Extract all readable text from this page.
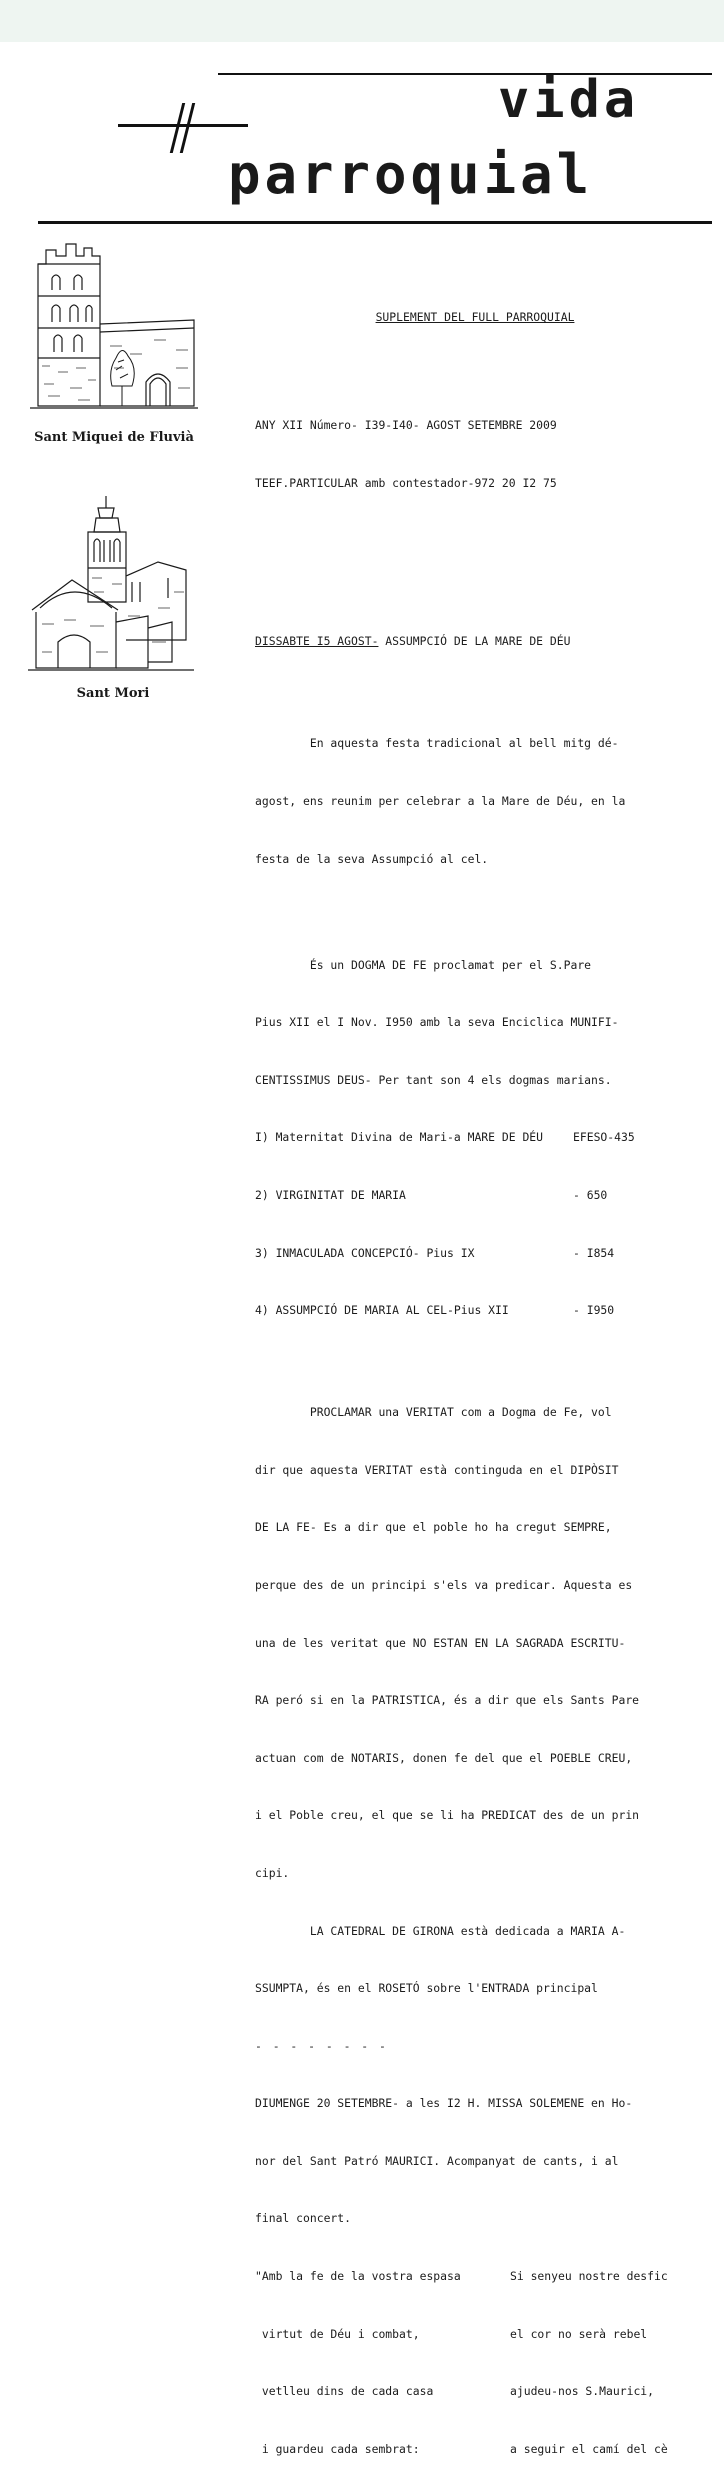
vida
parroquial
Sant Miquei de Fluvià
Sant Mori

SUPLEMENT DEL FULL PARROQUIAL

ANY XII Número- I39-I40- AGOST SETEMBRE 2009

TEEF.PARTICULAR amb contestador-972 20 I2 75

DISSABTE I5 AGOST- ASSUMPCIÓ DE LA MARE DE DÉU

En aquesta festa tradicional al bell mitg dé-

agost, ens reunim per celebrar a la Mare de Déu, en la

festa de la seva Assumpció al cel.

És un DOGMA DE FE proclamat per el S.Pare

Pius XII el I Nov. I950 amb la seva Enciclica MUNIFI-

CENTISSIMUS DEUS- Per tant son 4 els dogmas marians.

I) Maternitat Divina de Mari-a MARE DE DÉU	EFESO-435

2) VIRGINITAT DE MARIA	- 650

3) INMACULADA CONCEPCIÓ- Pius IX	- I854

4) ASSUMPCIÓ DE MARIA AL CEL-Pius XII	- I950

PROCLAMAR una VERITAT com a Dogma de Fe, vol

dir que aquesta VERITAT està continguda en el DIPÒSIT

DE LA FE- Es a dir que el poble ho ha cregut SEMPRE,

perque des de un principi s'els va predicar. Aquesta es

una de les veritat que NO ESTAN EN LA SAGRADA ESCRITU-

RA peró si en la PATRISTICA, és a dir que els Sants Pare

actuan com de NOTARIS, donen fe del que el POEBLE CREU,

i el Poble creu, el que se li ha PREDICAT des de un prin

cipi.

LA CATEDRAL DE GIRONA està dedicada a MARIA A-

SSUMPTA, és en el ROSETÓ sobre l'ENTRADA principal

- - - - - - - -

DIUMENGE 20 SETEMBRE- a les I2 H. MISSA SOLEMENE en Ho-

nor del Sant Patró MAURICI. Acompanyat de cants, i al

final concert.

"Amb la fe de la vostra espasa	Si senyeu nostre desfic

virtut de Déu i combat,	el cor no serà rebel

vetlleu dins de cada casa	ajudeu-nos S.Maurici,

i guardeu cada sembrat:	a seguir el camí del cè
